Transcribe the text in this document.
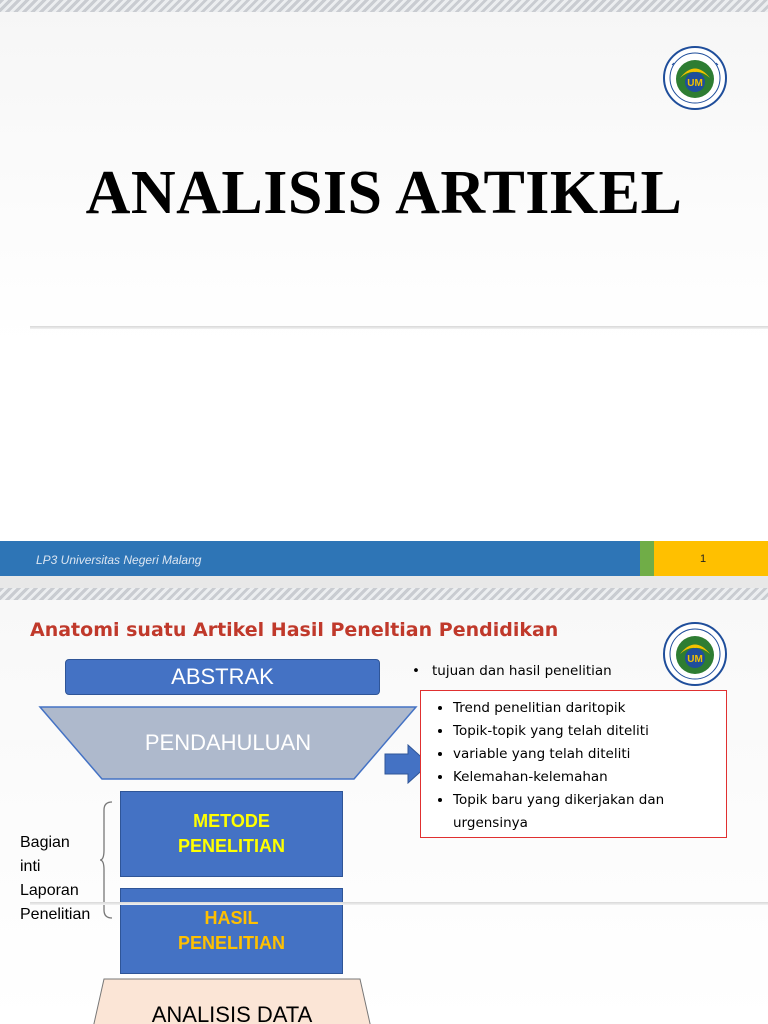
UM
ANALISIS ARTIKEL
LP3 Universitas Negeri Malang	1
UM
Anatomi suatu Artikel Hasil Peneltian Pendidikan
ABSTRAK
PENDAHULUAN
METODE
PENELITIAN
HASIL
PENELITIAN
Bagian
inti
Laporan
Penelitian
ANALISIS DATA
• tujuan dan hasil penelitian
• Trend penelitian daritopik
• Topik-topik yang telah diteliti
• variable yang telah diteliti
• Kelemahan-kelemahan
• Topik baru yang dikerjakan dan urgensinya
